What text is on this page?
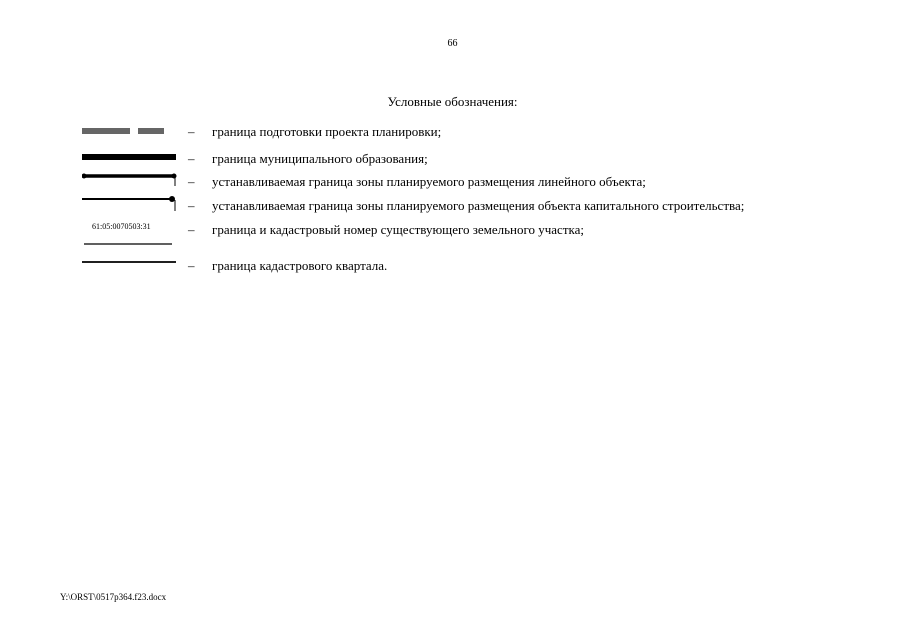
66
Условные обозначения:
– граница подготовки проекта планировки;
– граница муниципального образования;
– устанавливаемая граница зоны планируемого размещения линейного объекта;
– устанавливаемая граница зоны планируемого размещения объекта капитального строительства;
61:05:0070503:31	– граница и кадастровый номер существующего земельного участка;
– граница кадастрового квартала.
Y:\ORST\0517p364.f23.docx
